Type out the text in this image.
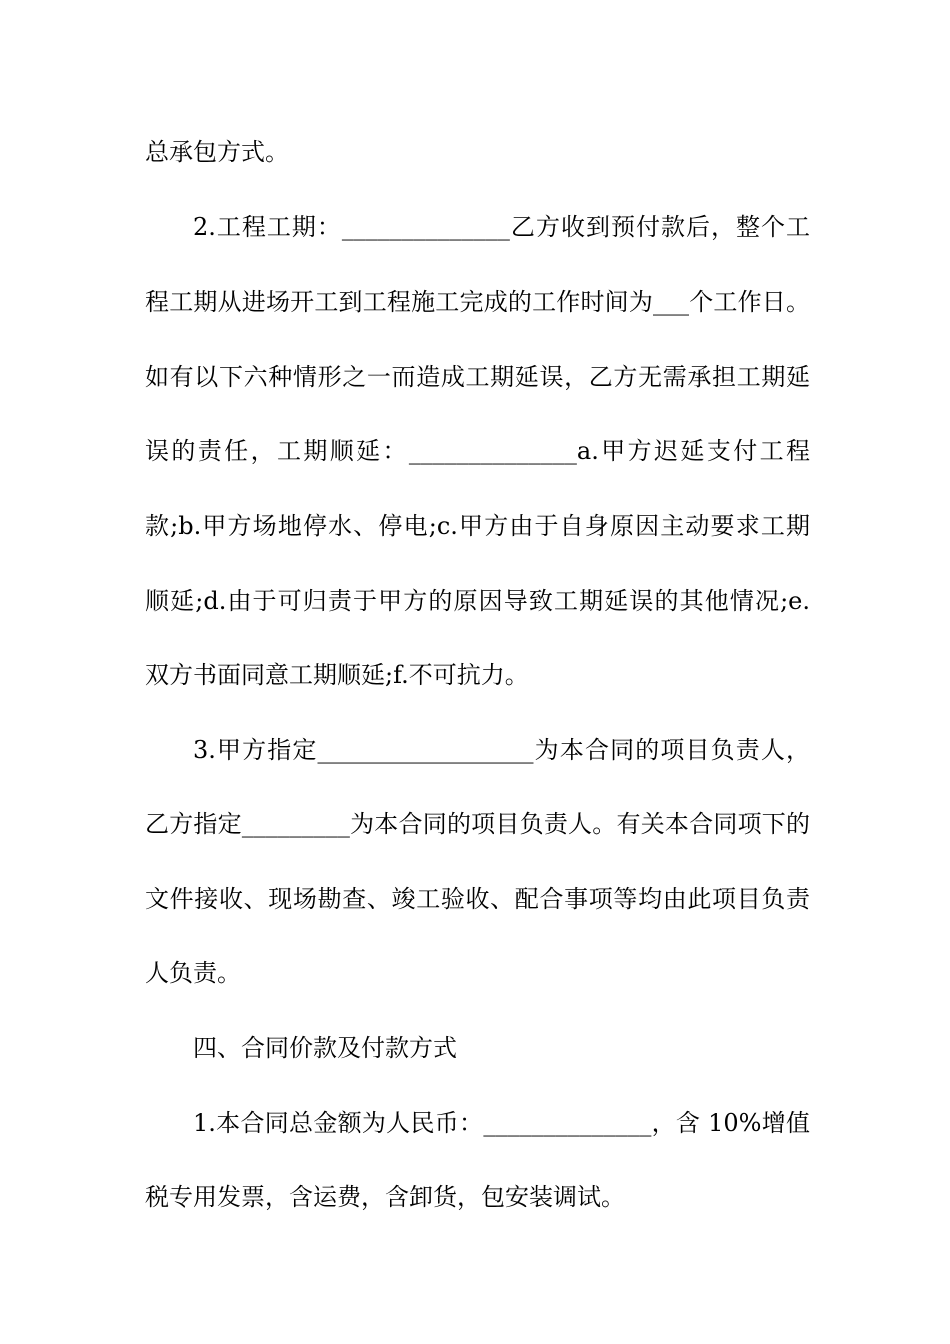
总承包方式。
2.工程工期：______________乙方收到预付款后，整个工
程工期从进场开工到工程施工完成的工作时间为___个工作日。
如有以下六种情形之一而造成工期延误，乙方无需承担工期延
误的责任，工期顺延：______________a.甲方迟延支付工程
款;b.甲方场地停水、停电;c.甲方由于自身原因主动要求工期
顺延;d.由于可归责于甲方的原因导致工期延误的其他情况;e.
双方书面同意工期顺延;f.不可抗力。
3.甲方指定__________________为本合同的项目负责人，
乙方指定_________为本合同的项目负责人。有关本合同项下的
文件接收、现场勘查、竣工验收、配合事项等均由此项目负责
人负责。
四、合同价款及付款方式
1.本合同总金额为人民币：______________，含 10%增值
税专用发票，含运费，含卸货，包安装调试。
